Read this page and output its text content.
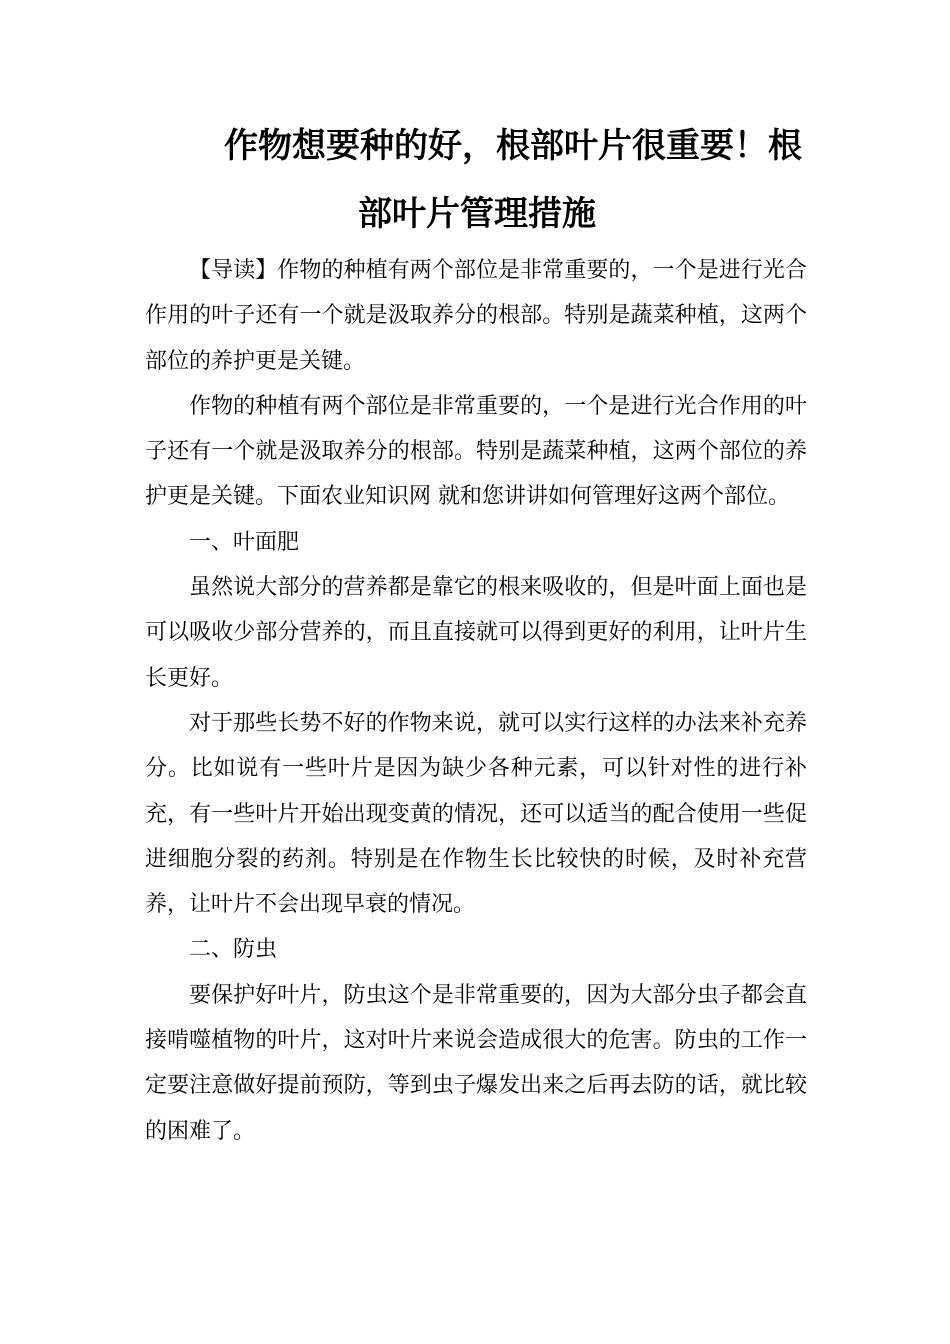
作物想要种的好，根部叶片很重要！根
部叶片管理措施

【导读】作物的种植有两个部位是非常重要的，一个是进行光合作用的叶子还有一个就是汲取养分的根部。特别是蔬菜种植，这两个部位的养护更是关键。

作物的种植有两个部位是非常重要的，一个是进行光合作用的叶子还有一个就是汲取养分的根部。特别是蔬菜种植，这两个部位的养护更是关键。下面农业知识网 就和您讲讲如何管理好这两个部位。

一、叶面肥

虽然说大部分的营养都是靠它的根来吸收的，但是叶面上面也是可以吸收少部分营养的，而且直接就可以得到更好的利用，让叶片生长更好。

对于那些长势不好的作物来说，就可以实行这样的办法来补充养分。比如说有一些叶片是因为缺少各种元素，可以针对性的进行补充，有一些叶片开始出现变黄的情况，还可以适当的配合使用一些促进细胞分裂的药剂。特别是在作物生长比较快的时候，及时补充营养，让叶片不会出现早衰的情况。

二、防虫

要保护好叶片，防虫这个是非常重要的，因为大部分虫子都会直接啃噬植物的叶片，这对叶片来说会造成很大的危害。防虫的工作一定要注意做好提前预防，等到虫子爆发出来之后再去防的话，就比较的困难了。
